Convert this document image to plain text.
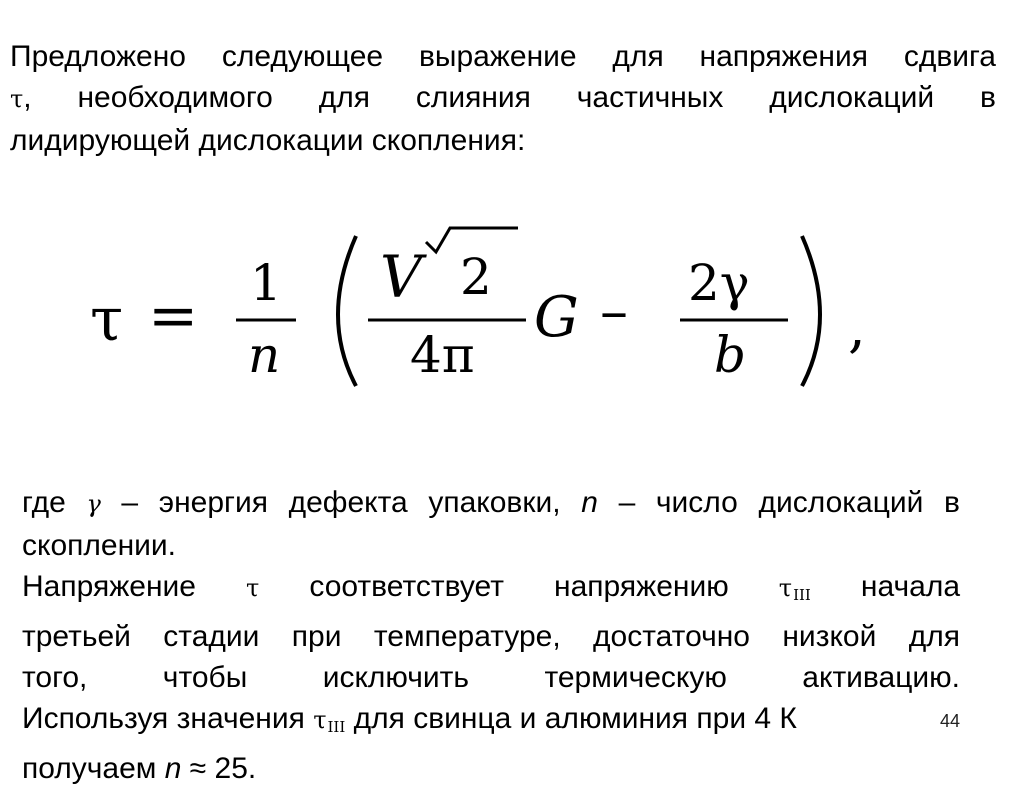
Предложено следующее выражение для напряжения сдвига
τ, необходимого для слияния частичных дислокаций в
лидирующей дислокации скопления:
τ = 1
n
V 2
4π
G – 2γ
b ,
где γ – энергия дефекта упаковки, n – число дислокаций в
скоплении.
Напряжение τ соответствует напряжению $\tau_{III}$ начала
третьей стадии при температуре, достаточно низкой для
того, чтобы исключить термическую активацию.
Используя значения $\tau_{III}$ для свинца и алюминия при 4 К
получаем n ≈ 25.
44
